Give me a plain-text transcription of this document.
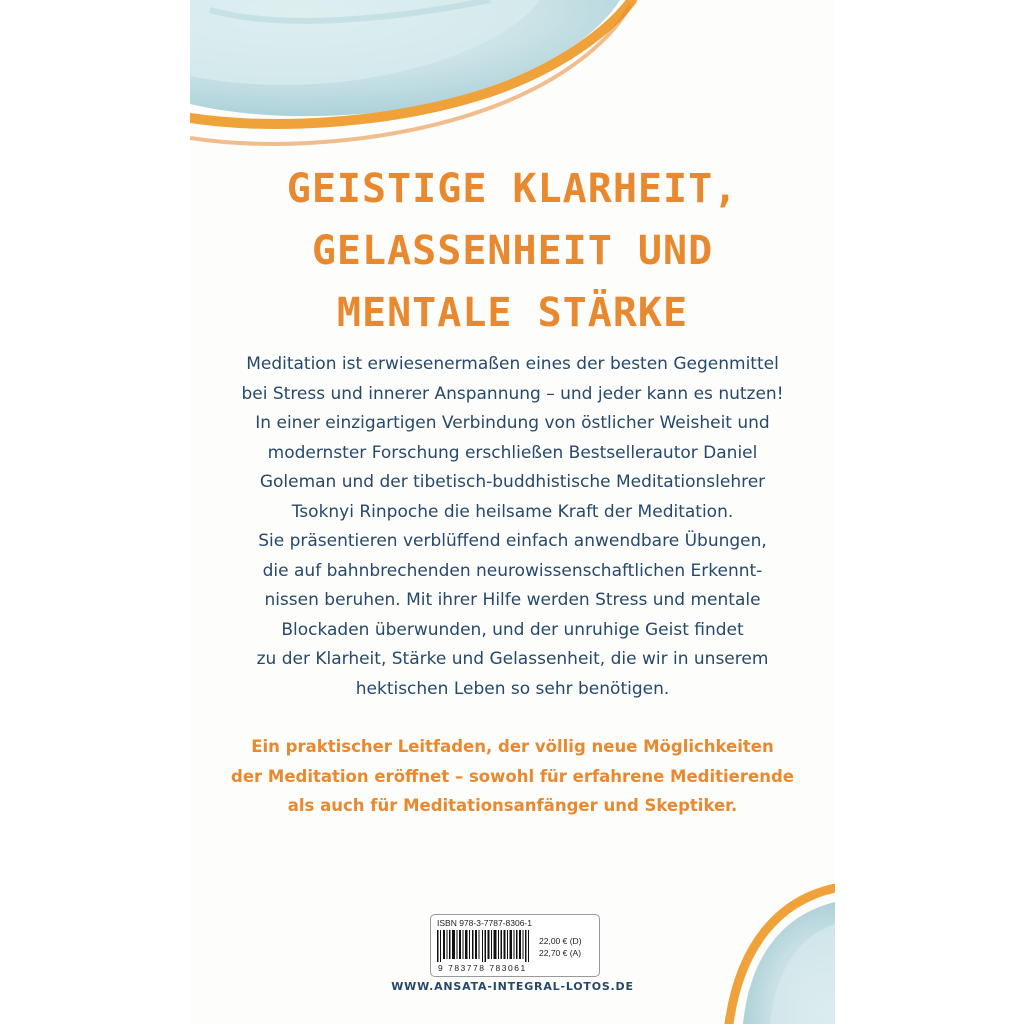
GEISTIGE KLARHEIT,
GELASSENHEIT UND
MENTALE STÄRKE
Meditation ist erwiesenermaßen eines der besten Gegenmittel
bei Stress und innerer Anspannung – und jeder kann es nutzen!
In einer einzigartigen Verbindung von östlicher Weisheit und
modernster Forschung erschließen Bestsellerautor Daniel
Goleman und der tibetisch-buddhistische Meditationslehrer
Tsoknyi Rinpoche die heilsame Kraft der Meditation.
Sie präsentieren verblüffend einfach anwendbare Übungen,
die auf bahnbrechenden neurowissenschaftlichen Erkennt-
nissen beruhen. Mit ihrer Hilfe werden Stress und mentale
Blockaden überwunden, und der unruhige Geist findet
zu der Klarheit, Stärke und Gelassenheit, die wir in unserem
hektischen Leben so sehr benötigen.
Ein praktischer Leitfaden, der völlig neue Möglichkeiten
der Meditation eröffnet – sowohl für erfahrene Meditierende
als auch für Meditationsanfänger und Skeptiker.
ISBN 978-3-7787-8306-1
9 783778 783061
22,00 € (D)
22,70 € (A)
WWW.ANSATA-INTEGRAL-LOTOS.DE
